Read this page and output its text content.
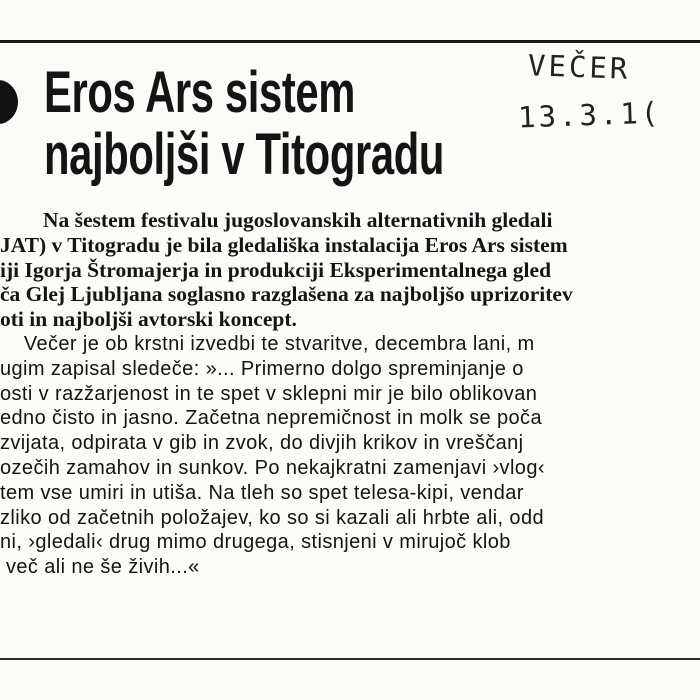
Eros Ars sistem
najboljši v Titogradu
VEČER
13.3.1(
Na šestem festivalu jugoslovanskih alternativnih gledali
JAT) v Titogradu je bila gledališka instalacija Eros Ars sistem
iji Igorja Štromajerja in produkciji Eksperimentalnega gled
ča Glej Ljubljana soglasno razglašena za najboljšo uprizoritev
oti in najboljši avtorski koncept.
Večer je ob krstni izvedbi te stvaritve, decembra lani, m
ugim zapisal sledeče: »... Primerno dolgo spreminjanje o
osti v razžarjenost in te spet v sklepni mir je bilo oblikovan
edno čisto in jasno. Začetna nepremičnost in molk se poča
zvijata, odpirata v gib in zvok, do divjih krikov in vreščanj
ozečih zamahov in sunkov. Po nekajkratni zamenjavi ›vlog‹
tem vse umiri in utiša. Na tleh so spet telesa-kipi, vendar
zliko od začetnih položajev, ko so si kazali ali hrbte ali, odd
ni, ›gledali‹ drug mimo drugega, stisnjeni v mirujoč klob
več ali ne še živih...«
